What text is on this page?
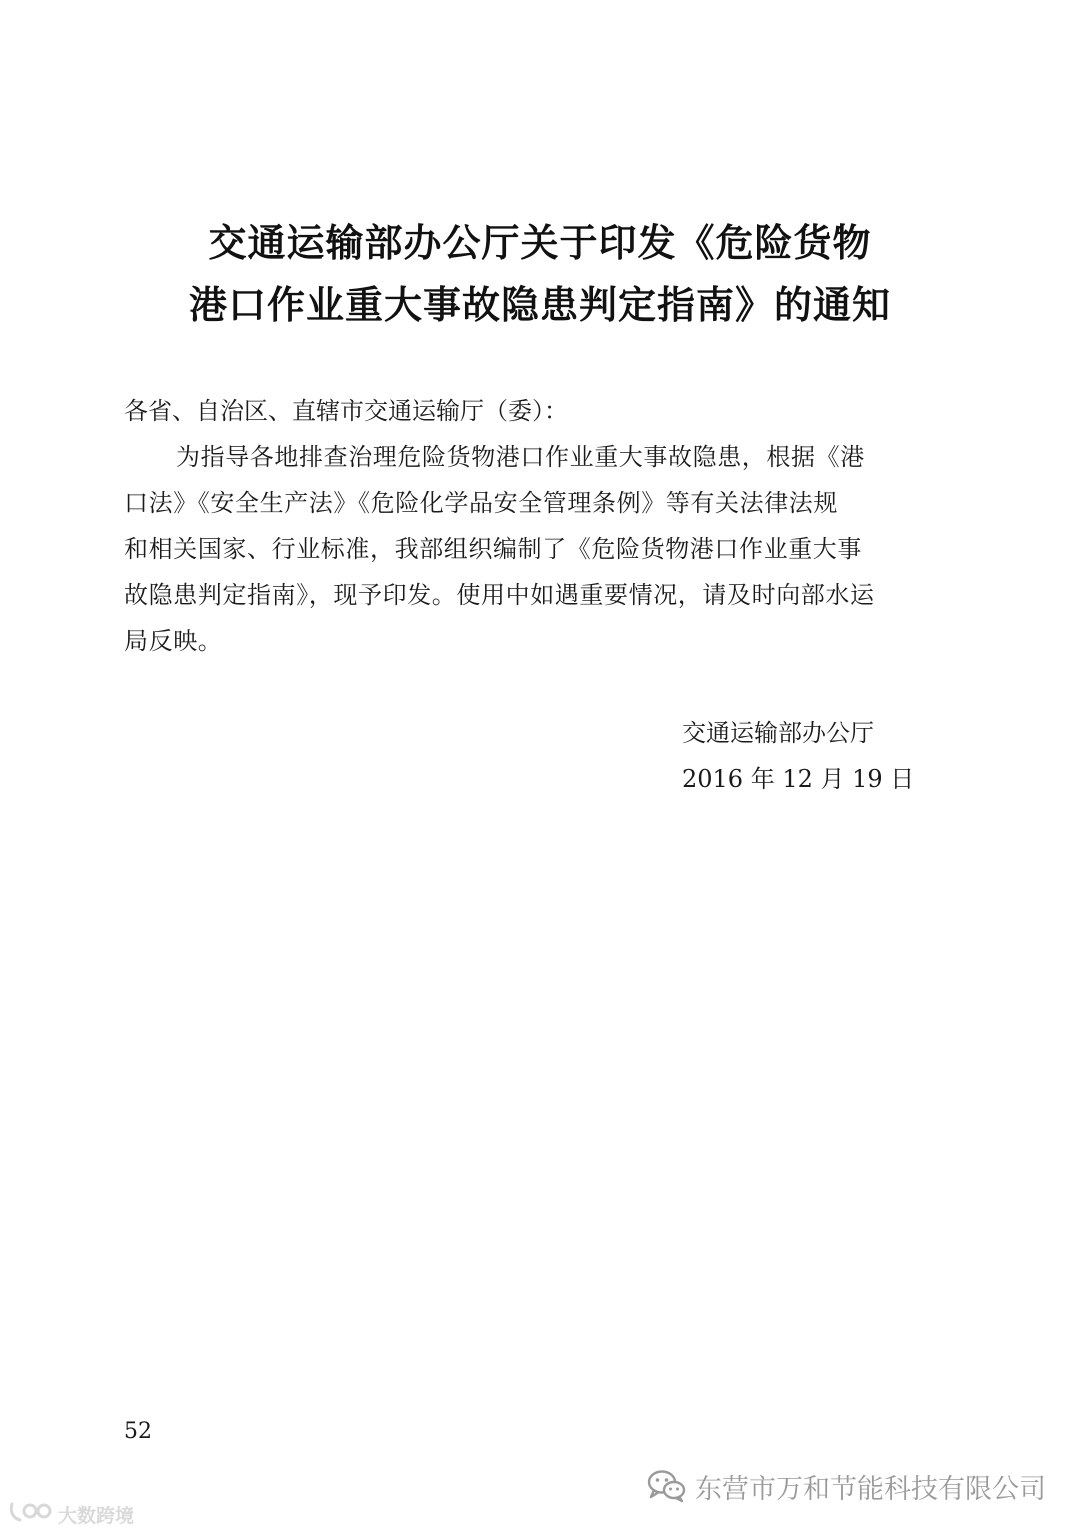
交通运输部办公厅关于印发《危险货物
港口作业重大事故隐患判定指南》的通知
各省、自治区、直辖市交通运输厅（委）：
为指导各地排查治理危险货物港口作业重大事故隐患，根据《港
口法》《安全生产法》《危险化学品安全管理条例》等有关法律法规
和相关国家、行业标准，我部组织编制了《危险货物港口作业重大事
故隐患判定指南》，现予印发。使用中如遇重要情况，请及时向部水运
局反映。
交通运输部办公厅
2016 年 12 月 19 日
52
东营市万和节能科技有限公司
大数跨境
